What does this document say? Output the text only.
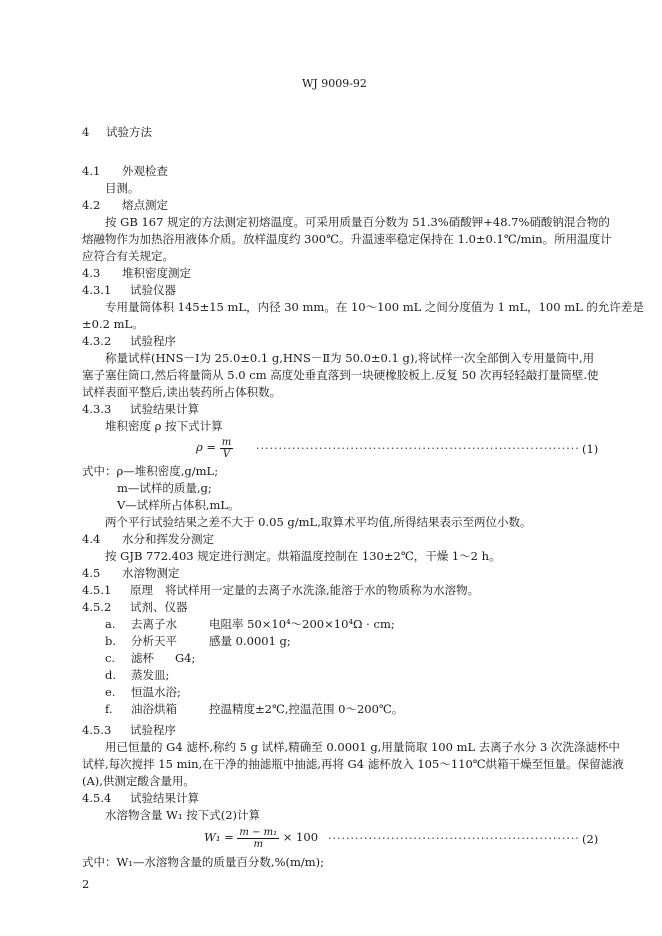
WJ 9009-92
4 试验方法
4.1 外观检查
目测。
4.2 熔点测定
按 GB 167 规定的方法测定初熔温度。可采用质量百分数为 51.3%硝酸钾+48.7%硝酸钠混合物的
熔融物作为加热浴用液体介质。放样温度约 300℃。升温速率稳定保持在 1.0±0.1℃/min。所用温度计
应符合有关规定。
4.3 堆积密度测定
4.3.1 试验仪器
专用量筒体积 145±15 mL，内径 30 mm。在 10～100 mL 之间分度值为 1 mL，100 mL 的允许差是
±0.2 mL。
4.3.2 试验程序
称量试样(HNS－Ⅰ为 25.0±0.1 g,HNS－Ⅱ为 50.0±0.1 g),将试样一次全部倒入专用量筒中,用
塞子塞住筒口,然后将量筒从 5.0 cm 高度处垂直落到一块硬橡胶板上.反复 50 次再轻轻敲打量筒壁.使
试样表面平整后,读出装药所占体积数。
4.3.3 试验结果计算
堆积密度 ρ 按下式计算
$\rho = \frac{m}{V}$ ········································································ (1)
式中：ρ—堆积密度,g/mL;
m—试样的质量,g;
V—试样所占体积,mL。
两个平行试验结果之差不大于 0.05 g/mL,取算术平均值,所得结果表示至两位小数。
4.4 水分和挥发分测定
按 GJB 772.403 规定进行测定。烘箱温度控制在 130±2℃，干燥 1～2 h。
4.5 水溶物测定
4.5.1 原理 将试样用一定量的去离子水洗涤,能溶于水的物质称为水溶物。
4.5.2 试剂、仪器
a. 去离子水	电阻率 50×10⁴～200×10⁴Ω · cm;
b. 分析天平	感量 0.0001 g;
c. 滤杯 G4;
d. 蒸发皿;
e. 恒温水浴;
f. 油浴烘箱	控温精度±2℃,控温范围 0～200℃。
4.5.3 试验程序
用已恒量的 G4 滤杯,称约 5 g 试样,精确至 0.0001 g,用量筒取 100 mL 去离子水分 3 次洗涤滤杯中
试样,每次搅拌 15 min,在干净的抽滤瓶中抽滤,再将 G4 滤杯放入 105～110℃烘箱干燥至恒量。保留滤液
(A),供测定酸含量用。
4.5.4 试验结果计算
水溶物含量 W₁ 按下式(2)计算
$W_1 = \frac{\text{m − m₁}}{m} \times 100$ ························································ (2)
式中：W₁—水溶物含量的质量百分数,%(m/m);
2
